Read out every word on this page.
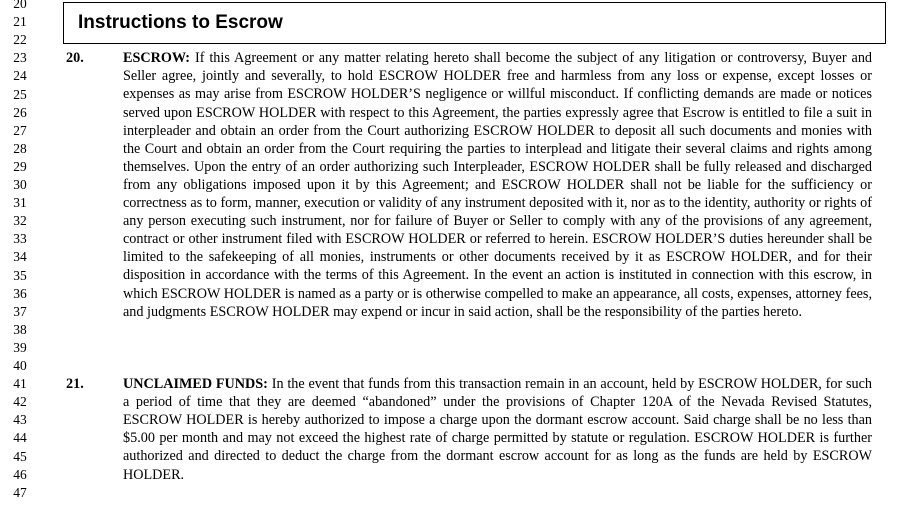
20
21
22
23
24
25
26
27
28
29
30
31
32
33
34
35
36
37
38
39
40
41
42
43
44
45
46
47
Instructions to Escrow
20.	ESCROW: If this Agreement or any matter relating hereto shall become the subject of any litigation or controversy, Buyer and Seller agree, jointly and severally, to hold ESCROW HOLDER free and harmless from any loss or expense, except losses or expenses as may arise from ESCROW HOLDER’S negligence or willful misconduct. If conflicting demands are made or notices served upon ESCROW HOLDER with respect to this Agreement, the parties expressly agree that Escrow is entitled to file a suit in interpleader and obtain an order from the Court authorizing ESCROW HOLDER to deposit all such documents and monies with the Court and obtain an order from the Court requiring the parties to interplead and litigate their several claims and rights among themselves. Upon the entry of an order authorizing such Interpleader, ESCROW HOLDER shall be fully released and discharged from any obligations imposed upon it by this Agreement; and ESCROW HOLDER shall not be liable for the sufficiency or correctness as to form, manner, execution or validity of any instrument deposited with it, nor as to the identity, authority or rights of any person executing such instrument, nor for failure of Buyer or Seller to comply with any of the provisions of any agreement, contract or other instrument filed with ESCROW HOLDER or referred to herein. ESCROW HOLDER’S duties hereunder shall be limited to the safekeeping of all monies, instruments or other documents received by it as ESCROW HOLDER, and for their disposition in accordance with the terms of this Agreement. In the event an action is instituted in connection with this escrow, in which ESCROW HOLDER is named as a party or is otherwise compelled to make an appearance, all costs, expenses, attorney fees, and judgments ESCROW HOLDER may expend or incur in said action, shall be the responsibility of the parties hereto.

21.	UNCLAIMED FUNDS: In the event that funds from this transaction remain in an account, held by ESCROW HOLDER, for such a period of time that they are deemed “abandoned” under the provisions of Chapter 120A of the Nevada Revised Statutes, ESCROW HOLDER is hereby authorized to impose a charge upon the dormant escrow account. Said charge shall be no less than $5.00 per month and may not exceed the highest rate of charge permitted by statute or regulation. ESCROW HOLDER is further authorized and directed to deduct the charge from the dormant escrow account for as long as the funds are held by ESCROW HOLDER.
